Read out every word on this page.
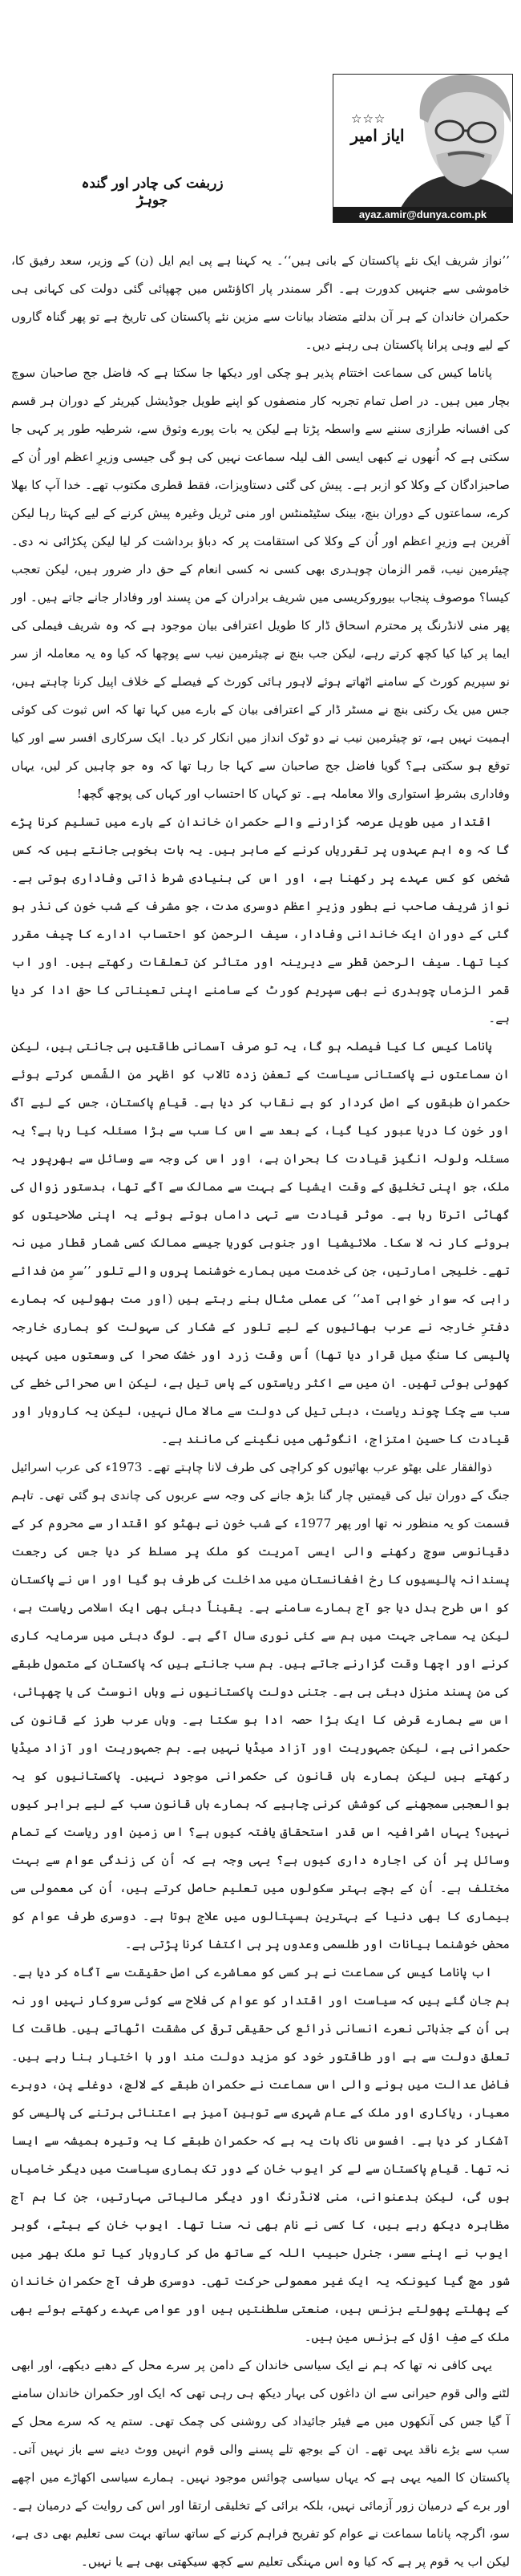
☆☆☆
ایاز امیر
ayaz.amir@dunya.com.pk
زربفت کی چادر اور گندہ جوہڑ

’’نواز شریف ایک نئے پاکستان کے بانی ہیں‘‘۔ یہ کہنا ہے پی ایم ایل (ن) کے وزیر، سعد رفیق کا، خاموشی سے جنہیں کدورت ہے۔ اگر سمندر پار اکاؤنٹس میں چھپائی گئی دولت کی کہانی ہی حکمران خاندان کے ہر آن بدلتے متضاد بیانات سے مزین نئے پاکستان کی تاریخ ہے تو پھر گناہ گاروں کے لیے وہی پرانا پاکستان ہی رہنے دیں۔

پاناما کیس کی سماعت اختتام پذیر ہو چکی اور دیکھا جا سکتا ہے کہ فاضل جج صاحبان سوچ بچار میں ہیں۔ در اصل تمام تجربہ کار منصفوں کو اپنے طویل جوڈیشل کیریئر کے دوران ہر قسم کی افسانہ طرازی سننے سے واسطہ پڑتا ہے لیکن یہ بات پورے وثوق سے، شرطیہ طور پر کہی جا سکتی ہے کہ اُنھوں نے کبھی ایسی الف لیلہ سماعت نہیں کی ہو گی جیسی وزیرِ اعظم اور اُن کے صاحبزادگان کے وکلا کو ازبر ہے۔ پیش کی گئی دستاویزات، فقط قطری مکتوب تھے۔ خدا آپ کا بھلا کرے، سماعتوں کے دوران بنچ، بینک سٹیٹمنٹس اور منی ٹریل وغیرہ پیش کرنے کے لیے کہتا رہا لیکن آفرین ہے وزیرِ اعظم اور اُن کے وکلا کی استقامت پر کہ دباؤ برداشت کر لیا لیکن پکڑائی نہ دی۔ چیئرمین نیب، قمر الزمان چوہدری بھی کسی نہ کسی انعام کے حق دار ضرور ہیں، لیکن تعجب کیسا؟ موصوف پنجاب بیوروکریسی میں شریف برادران کے من پسند اور وفادار جانے جاتے ہیں۔ اور پھر منی لانڈرنگ پر محترم اسحاق ڈار کا طویل اعترافی بیان موجود ہے کہ وہ شریف فیملی کی ایما پر کیا کیا کچھ کرتے رہے، لیکن جب بنچ نے چیئرمین نیب سے پوچھا کہ کیا وہ یہ معاملہ از سر نو سپریم کورٹ کے سامنے اٹھاتے ہوئے لاہور ہائی کورٹ کے فیصلے کے خلاف اپیل کرنا چاہتے ہیں، جس میں یک رکنی بنچ نے مسٹر ڈار کے اعترافی بیان کے بارے میں کہا تھا کہ اس ثبوت کی کوئی اہمیت نہیں ہے، تو چیئرمین نیب نے دو ٹوک انداز میں انکار کر دیا۔ ایک سرکاری افسر سے اور کیا توقع ہو سکتی ہے؟ گویا فاضل جج صاحبان سے کہا جا رہا تھا کہ وہ جو چاہیں کر لیں، یہاں وفاداری بشرطِ استواری والا معاملہ ہے۔ تو کہاں کا احتساب اور کہاں کی پوچھ گچھ!

اقتدار میں طویل عرصہ گزارنے والے حکمران خاندان کے بارے میں تسلیم کرنا پڑے گا کہ وہ اہم عہدوں پر تقرریاں کرنے کے ماہر ہیں۔ یہ بات بخوبی جانتے ہیں کہ کس شخص کو کس عہدے پر رکھنا ہے، اور اس کی بنیادی شرط ذاتی وفاداری ہوتی ہے۔ نواز شریف صاحب نے بطور وزیرِ اعظم دوسری مدت، جو مشرف کے شب خون کی نذر ہو گئی کے دوران ایک خاندانی وفادار، سیف الرحمن کو احتساب ادارے کا چیف مقرر کیا تھا۔ سیف الرحمن قطر سے دیرینہ اور متاثر کن تعلقات رکھتے ہیں۔ اور اب قمر الزماں چوہدری نے بھی سپریم کورٹ کے سامنے اپنی تعیناتی کا حق ادا کر دیا ہے۔

پاناما کیس کا کیا فیصلہ ہو گا، یہ تو صرف آسمانی طاقتیں ہی جانتی ہیں، لیکن ان سماعتوں نے پاکستانی سیاست کے تعفن زدہ تالاب کو اظہر من الشّمس کرتے ہوئے حکمران طبقوں کے اصل کردار کو بے نقاب کر دیا ہے۔ قیامِ پاکستان، جس کے لیے آگ اور خون کا دریا عبور کیا گیا، کے بعد سے اس کا سب سے بڑا مسئلہ کیا رہا ہے؟ یہ مسئلہ ولولہ انگیز قیادت کا بحران ہے، اور اس کی وجہ سے وسائل سے بھرپور یہ ملک، جو اپنی تخلیق کے وقت ایشیا کے بہت سے ممالک سے آگے تھا، بدستور زوال کی گھاٹی اترتا رہا ہے۔ موثر قیادت سے تہی داماں ہوتے ہوئے یہ اپنی صلاحیتوں کو بروئے کار نہ لا سکا۔ ملائیشیا اور جنوبی کوریا جیسے ممالک کسی شمار قطار میں نہ تھے۔ خلیجی امارتیں، جن کی خدمت میں ہمارے خوشنما پروں والے تلور ’’سرِ من فدائے راہی کہ سوار خواہی آمد‘‘ کی عملی مثال بنے رہتے ہیں (اور مت بھولیں کہ ہمارے دفترِ خارجہ نے عرب بھائیوں کے لیے تلور کے شکار کی سہولت کو ہماری خارجہ پالیسی کا سنگِ میل قرار دیا تھا) اُس وقت زرد اور خشک صحرا کی وسعتوں میں کہیں کھوئی ہوئی تھیں۔ ان میں سے اکثر ریاستوں کے پاس تیل ہے، لیکن اس صحرائی خطے کی سب سے چکا چوند ریاست، دبئی تیل کی دولت سے مالا مال نہیں، لیکن یہ کاروبار اور قیادت کا حسین امتزاج، انگوٹھی میں نگینے کی مانند ہے۔

ذوالفقار علی بھٹو عرب بھائیوں کو کراچی کی طرف لانا چاہتے تھے۔ 1973ء کی عرب اسرائیل جنگ کے دوران تیل کی قیمتیں چار گنا بڑھ جانے کی وجہ سے عربوں کی چاندی ہو گئی تھی۔ تاہم قسمت کو یہ منظور نہ تھا اور پھر 1977ء کے شب خون نے بھٹو کو اقتدار سے محروم کر کے دقیانوسی سوچ رکھنے والی ایسی آمریت کو ملک پر مسلط کر دیا جس کی رجعت پسندانہ پالیسیوں کا رخ افغانستان میں مداخلت کی طرف ہو گیا اور اس نے پاکستان کو اس طرح بدل دیا جو آج ہمارے سامنے ہے۔ یقیناً دبئی بھی ایک اسلامی ریاست ہے، لیکن یہ سماجی جہت میں ہم سے کئی نوری سال آگے ہے۔ لوگ دبئی میں سرمایہ کاری کرنے اور اچھا وقت گزارنے جاتے ہیں۔ ہم سب جانتے ہیں کہ پاکستان کے متمول طبقے کی من پسند منزل دبئی ہی ہے۔ جتنی دولت پاکستانیوں نے وہاں انوسٹ کی یا چھپائی، اس سے ہمارے قرض کا ایک بڑا حصہ ادا ہو سکتا ہے۔ وہاں عرب طرز کے قانون کی حکمرانی ہے، لیکن جمہوریت اور آزاد میڈیا نہیں ہے۔ ہم جمہوریت اور آزاد میڈیا رکھتے ہیں لیکن ہمارے ہاں قانون کی حکمرانی موجود نہیں۔ پاکستانیوں کو یہ بوالعجبی سمجھنے کی کوشش کرنی چاہیے کہ ہمارے ہاں قانون سب کے لیے برابر کیوں نہیں؟ یہاں اشرافیہ اس قدر استحقاق یافتہ کیوں ہے؟ اس زمین اور ریاست کے تمام وسائل پر اُن کی اجارہ داری کیوں ہے؟ یہی وجہ ہے کہ اُن کی زندگی عوام سے بہت مختلف ہے۔ اُن کے بچے بہتر سکولوں میں تعلیم حاصل کرتے ہیں، اُن کی معمولی سی بیماری کا بھی دنیا کے بہترین ہسپتالوں میں علاج ہوتا ہے۔ دوسری طرف عوام کو محض خوشنما بیانات اور طلسمی وعدوں پر ہی اکتفا کرنا پڑتی ہے۔

اب پاناما کیس کی سماعت نے ہر کسی کو معاشرے کی اصل حقیقت سے آگاہ کر دیا ہے۔ ہم جان گئے ہیں کہ سیاست اور اقتدار کو عوام کی فلاح سے کوئی سروکار نہیں اور نہ ہی اُن کے جذباتی نعرے انسانی ذرائع کی حقیقی ترقی کی مشقت اٹھاتے ہیں۔ طاقت کا تعلق دولت سے ہے اور طاقتور خود کو مزید دولت مند اور با اختیار بنا رہے ہیں۔ فاضل عدالت میں ہونے والی اس سماعت نے حکمران طبقے کے لالچ، دوغلے پن، دوہرے معیار، ریاکاری اور ملک کے عام شہری سے توہین آمیز بے اعتنائی برتنے کی پالیسی کو آشکار کر دیا ہے۔ افسوس ناک بات یہ ہے کہ حکمران طبقے کا یہ وتیرہ ہمیشہ سے ایسا نہ تھا۔ قیامِ پاکستان سے لے کر ایوب خان کے دور تک ہماری سیاست میں دیگر خامیاں ہوں گی، لیکن بدعنوانی، منی لانڈرنگ اور دیگر مالیاتی مہارتیں، جن کا ہم آج مظاہرہ دیکھ رہے ہیں، کا کسی نے نام بھی نہ سنا تھا۔ ایوب خان کے بیٹے، گوہر ایوب نے اپنے سسر، جنرل حبیب اللہ کے ساتھ مل کر کاروبار کیا تو ملک بھر میں شور مچ گیا کیونکہ یہ ایک غیر معمولی حرکت تھی۔ دوسری طرف آج حکمران خاندان کے پھلتے پھولتے بزنس ہیں، صنعتی سلطنتیں ہیں اور عوامی عہدے رکھتے ہوئے بھی ملک کے صفِ اوّل کے بزنس مین ہیں۔

یہی کافی نہ تھا کہ ہم نے ایک سیاسی خاندان کے دامن پر سرے محل کے دھبے دیکھے، اور ابھی لٹنے والی قوم حیرانی سے ان داغوں کی بہار دیکھ ہی رہی تھی کہ ایک اور حکمران خاندان سامنے آ گیا جس کی آنکھوں میں مے فیئر جائیداد کی روشنی کی چمک تھی۔ ستم یہ کہ سرے محل کے سب سے بڑے ناقد یہی تھے۔ ان کے بوجھ تلے پسنے والی قوم انہیں ووٹ دینے سے باز نہیں آتی۔ پاکستان کا المیہ یہی ہے کہ یہاں سیاسی چوائس موجود نہیں۔ ہمارے سیاسی اکھاڑے میں اچھے اور برے کے درمیان زور آزمائی نہیں، بلکہ برائی کے تخلیقی ارتقا اور اس کی روایت کے درمیان ہے۔ سو، اگرچہ پاناما سماعت نے عوام کو تفریح فراہم کرنے کے ساتھ ساتھ بہت سی تعلیم بھی دی ہے، لیکن اب یہ قوم پر ہے کہ کیا وہ اس مہنگی تعلیم سے کچھ سیکھتی بھی ہے یا نہیں۔
